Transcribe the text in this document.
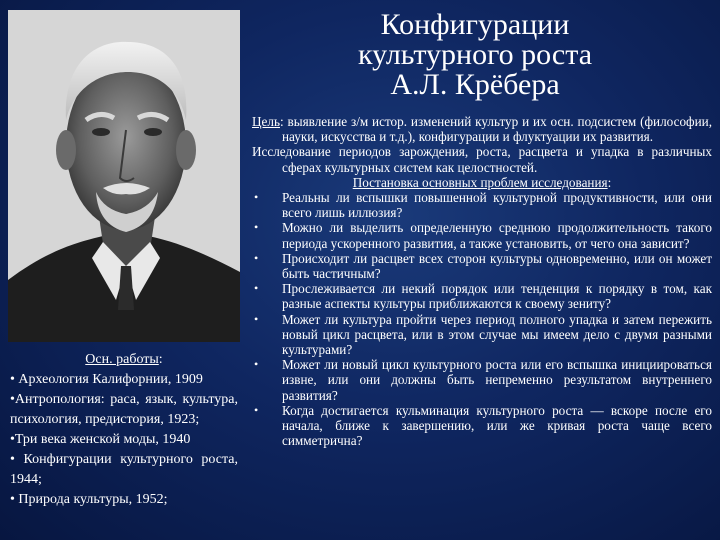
Конфигурации
культурного роста
А.Л. Крёбера
Осн. работы:
• Археология Калифорнии, 1909
•Антропология: раса, язык, культура, психология, предистория, 1923;
•Три века женской моды, 1940
• Конфигурации культурного роста, 1944;
• Природа культуры, 1952;

Цель: выявление з/м истор. изменений культур и их осн. подсистем (философии, науки, искусства и т.д.), конфигурации и флуктуации их развития.

Исследование периодов зарождения, роста, расцвета и упадка в различных сферах культурных систем как целостностей.

Постановка основных проблем исследования:

• Реальны ли вспышки повышенной культурной продуктивности, или они всего лишь иллюзия?
• Можно ли выделить определенную среднюю продолжительность такого периода ускоренного развития, а также установить, от чего она зависит?
• Происходит ли расцвет всех сторон культуры одновременно, или он может быть частичным?
• Прослеживается ли некий порядок или тенденция к порядку в том, как разные аспекты культуры приближаются к своему зениту?
• Может ли культура пройти через период полного упадка и затем пережить новый цикл расцвета, или в этом случае мы имеем дело с двумя разными культурами?
• Может ли новый цикл культурного роста или его вспышка инициироваться извне, или они должны быть непременно результатом внутреннего развития?
• Когда достигается кульминация культурного роста — вскоре после его начала, ближе к завершению, или же кривая роста чаще всего симметрична?
